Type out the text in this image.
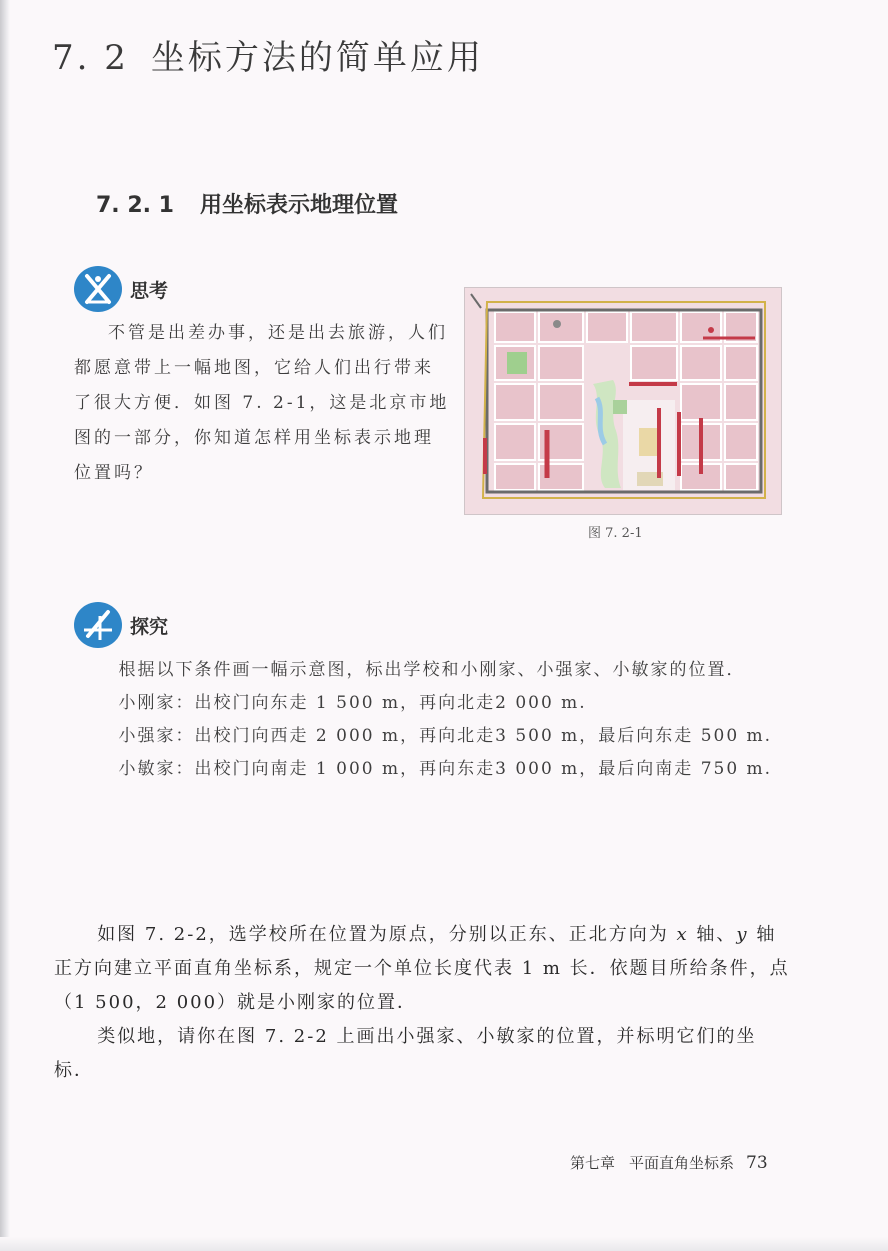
7. 2 坐标方法的简单应用
7. 2. 1 用坐标表示地理位置
思考

不管是出差办事，还是出去旅游，人们都愿意带上一幅地图，它给人们出行带来了很大方便．如图 7. 2-1，这是北京市地图的一部分，你知道怎样用坐标表示地理位置吗？

图 7. 2-1
探究

根据以下条件画一幅示意图，标出学校和小刚家、小强家、小敏家的位置．

小刚家：出校门向东走 1 500 m，再向北走2 000 m.

小强家：出校门向西走 2 000 m，再向北走3 500 m，最后向东走 500 m.

小敏家：出校门向南走 1 000 m，再向东走3 000 m，最后向南走 750 m.

如图 7. 2-2，选学校所在位置为原点，分别以正东、正北方向为 x 轴、y 轴正方向建立平面直角坐标系，规定一个单位长度代表 1 m 长．依题目所给条件，点（1 500，2 000）就是小刚家的位置．

类似地，请你在图 7. 2-2 上画出小强家、小敏家的位置，并标明它们的坐标．

第七章 平面直角坐标系 73
